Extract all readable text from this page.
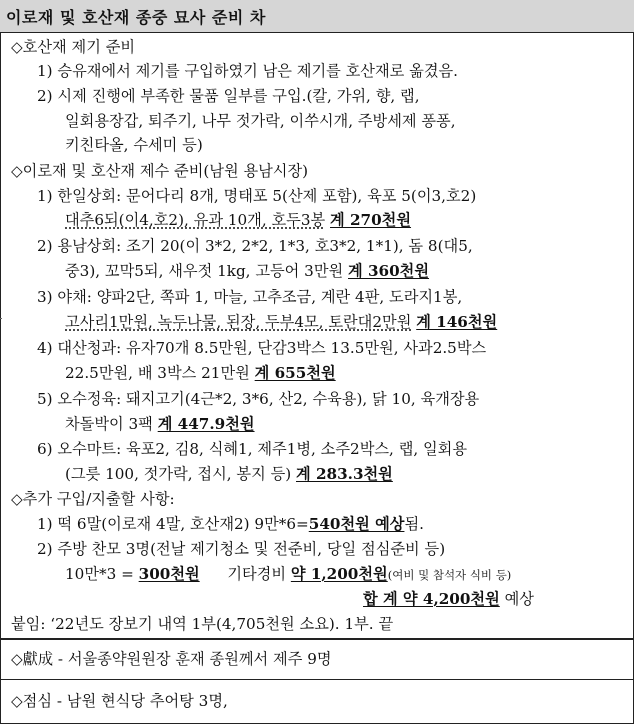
이로재 및 호산재 종중 묘사 준비 차
◇호산재 제기 준비
1) 승유재에서 제기를 구입하였기 남은 제기를 호산재로 옮겼음.
2) 시제 진행에 부족한 물품 일부를 구입.(칼, 가위, 향, 랩,
일회용장갑, 퇴주기, 나무 젓가락, 이쑤시개, 주방세제 퐁퐁,
키친타올, 수세미 등)
◇이로재 및 호산재 제수 준비(남원 용남시장)
1) 한일상회: 문어다리 8개, 명태포 5(산제 포함), 육포 5(이3,호2)
대추6되(이4,호2), 유과 10개, 호두3봉 계 270천원
2) 용남상회: 조기 20(이 3*2, 2*2, 1*3, 호3*2, 1*1), 돔 8(대5,
중3), 꼬막5되, 새우젓 1kg, 고등어 3만원 계 360천원
3) 야채: 양파2단, 쪽파 1, 마늘, 고추조금, 계란 4판, 도라지1봉,
고사리1만원, 녹두나물, 된장, 두부4모, 토란대2만원 계 146천원
4) 대산청과: 유자70개 8.5만원, 단감3박스 13.5만원, 사과2.5박스
22.5만원, 배 3박스 21만원 계 655천원
5) 오수정육: 돼지고기(4근*2, 3*6, 산2, 수육용), 닭 10, 육개장용
차돌박이 3팩 계 447.9천원
6) 오수마트: 육포2, 김8, 식혜1, 제주1병, 소주2박스, 랩, 일회용
(그릇 100, 젓가락, 접시, 봉지 등) 계 283.3천원
◇추가 구입/지출할 사항:
1) 떡 6말(이로재 4말, 호산재2) 9만*6=540천원 예상됨.
2) 주방 찬모 3명(전날 제기청소 및 전준비, 당일 점심준비 등)
10만*3 = 300천원 기타경비 약 1,200천원(여비 및 참석자 식비 등)
합 계 약 4,200천원 예상
붙임: ‘22년도 장보기 내역 1부(4,705천원 소요). 1부. 끝
◇獻成 - 서울종약원원장 훈재 종원께서 제주 9명
◇점심 - 남원 현식당 추어탕 3명,
